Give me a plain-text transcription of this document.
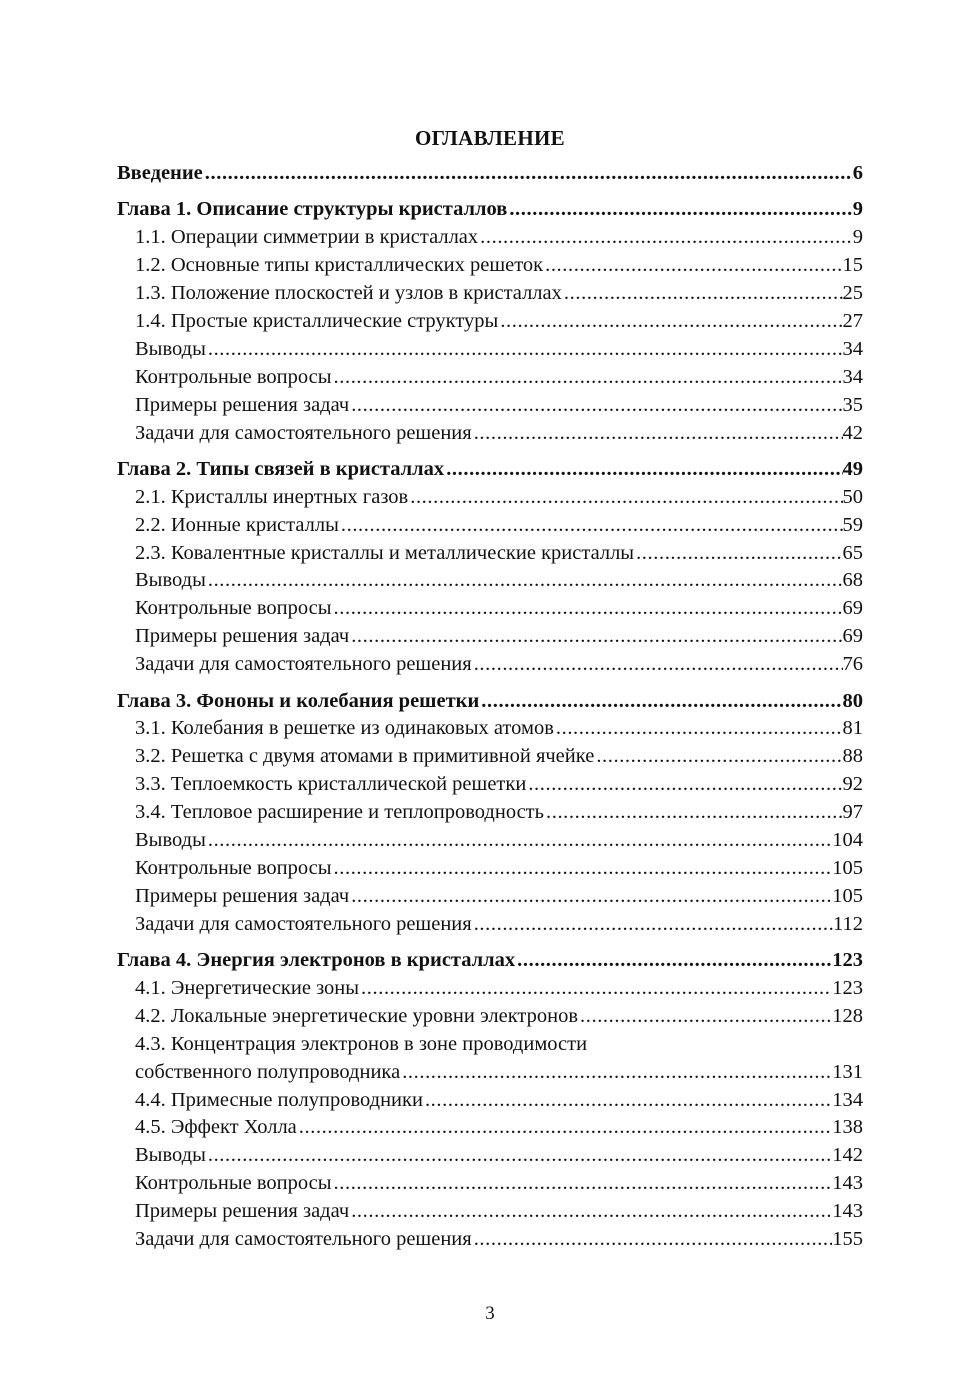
ОГЛАВЛЕНИЕ
Введение .....	6
Глава 1. Описание структуры кристаллов .....	9
1.1. Операции симметрии в кристаллах .....	9
1.2. Основные типы кристаллических решеток .....	15
1.3. Положение плоскостей и узлов в кристаллах .....	25
1.4. Простые кристаллические структуры .....	27
Выводы .....	34
Контрольные вопросы .....	34
Примеры решения задач .....	35
Задачи для самостоятельного решения .....	42
Глава 2. Типы связей в кристаллах .....	49
2.1. Кристаллы инертных газов .....	50
2.2. Ионные кристаллы .....	59
2.3. Ковалентные кристаллы и металлические кристаллы .....	65
Выводы .....	68
Контрольные вопросы .....	69
Примеры решения задач .....	69
Задачи для самостоятельного решения .....	76
Глава 3. Фононы и колебания решетки .....	80
3.1. Колебания в решетке из одинаковых атомов .....	81
3.2. Решетка с двумя атомами в примитивной ячейке .....	88
3.3. Теплоемкость кристаллической решетки .....	92
3.4. Тепловое расширение и теплопроводность .....	97
Выводы .....	104
Контрольные вопросы .....	105
Примеры решения задач .....	105
Задачи для самостоятельного решения .....	112
Глава 4. Энергия электронов в кристаллах .....	123
4.1. Энергетические зоны .....	123
4.2. Локальные энергетические уровни электронов .....	128
4.3. Концентрация электронов в зоне проводимости
собственного полупроводника .....	131
4.4. Примесные полупроводники .....	134
4.5. Эффект Холла .....	138
Выводы .....	142
Контрольные вопросы .....	143
Примеры решения задач .....	143
Задачи для самостоятельного решения .....	155
3
